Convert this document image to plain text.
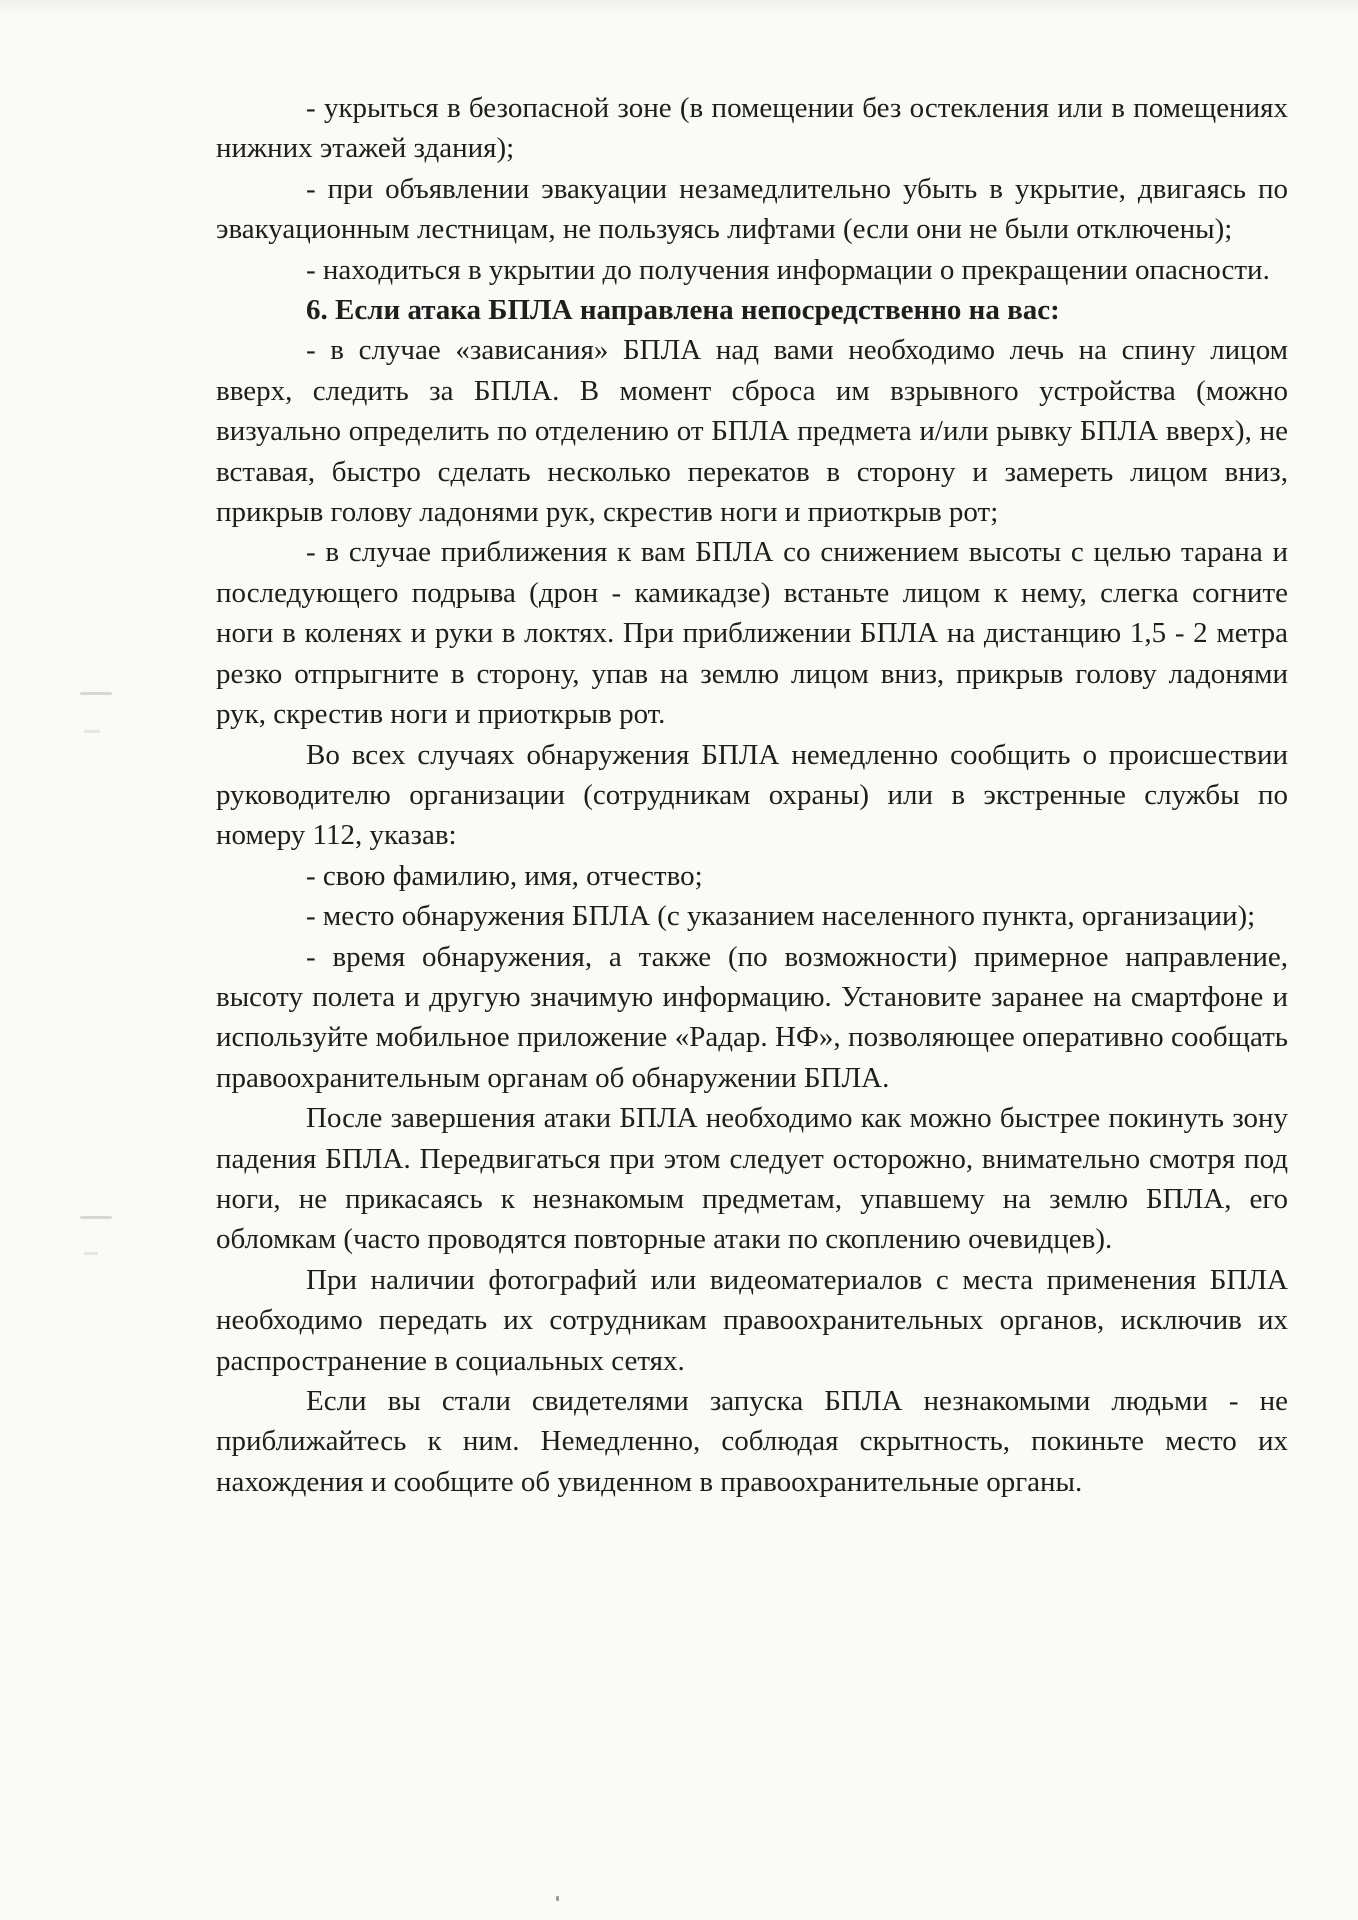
- укрыться в безопасной зоне (в помещении без остекления или в помещениях нижних этажей здания);

- при объявлении эвакуации незамедлительно убыть в укрытие, двигаясь по эвакуационным лестницам, не пользуясь лифтами (если они не были отключены);

- находиться в укрытии до получения информации о прекращении опасности.

6. Если атака БПЛА направлена непосредственно на вас:

- в случае «зависания» БПЛА над вами необходимо лечь на спину лицом вверх, следить за БПЛА. В момент сброса им взрывного устройства (можно визуально определить по отделению от БПЛА предмета и/или рывку БПЛА вверх), не вставая, быстро сделать несколько перекатов в сторону и замереть лицом вниз, прикрыв голову ладонями рук, скрестив ноги и приоткрыв рот;

- в случае приближения к вам БПЛА со снижением высоты с целью тарана и последующего подрыва (дрон - камикадзе) встаньте лицом к нему, слегка согните ноги в коленях и руки в локтях. При приближении БПЛА на дистанцию 1,5 - 2 метра резко отпрыгните в сторону, упав на землю лицом вниз, прикрыв голову ладонями рук, скрестив ноги и приоткрыв рот.

Во всех случаях обнаружения БПЛА немедленно сообщить о происшествии руководителю организации (сотрудникам охраны) или в экстренные службы по номеру 112, указав:

- свою фамилию, имя, отчество;

- место обнаружения БПЛА (с указанием населенного пункта, организации);

- время обнаружения, а также (по возможности) примерное направление, высоту полета и другую значимую информацию. Установите заранее на смартфоне и используйте мобильное приложение «Радар. НФ», позволяющее оперативно сообщать правоохранительным органам об обнаружении БПЛА.

После завершения атаки БПЛА необходимо как можно быстрее покинуть зону падения БПЛА. Передвигаться при этом следует осторожно, внимательно смотря под ноги, не прикасаясь к незнакомым предметам, упавшему на землю БПЛА, его обломкам (часто проводятся повторные атаки по скоплению очевидцев).

При наличии фотографий или видеоматериалов с места применения БПЛА необходимо передать их сотрудникам правоохранительных органов, исключив их распространение в социальных сетях.

Если вы стали свидетелями запуска БПЛА незнакомыми людьми - не приближайтесь к ним. Немедленно, соблюдая скрытность, покиньте место их нахождения и сообщите об увиденном в правоохранительные органы.
